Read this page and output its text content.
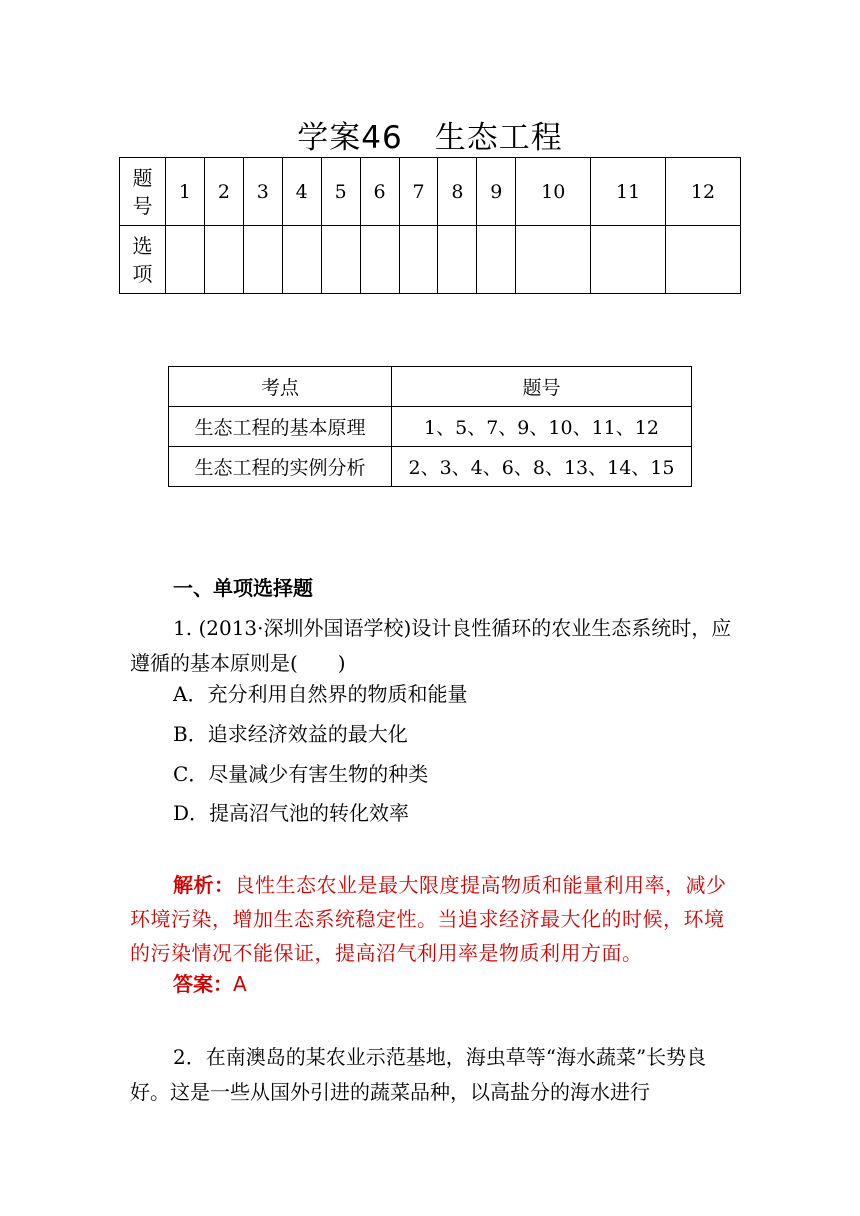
学案46　生态工程
题
号	1	2	3	4	5	6	7	8	9	10	11	12
选
项												
考点	题号
生态工程的基本原理	1、5、7、9、10、11、12
生态工程的实例分析	2、3、4、6、8、13、14、15
一、单项选择题
1. (2013·深圳外国语学校)设计良性循环的农业生态系统时，应遵循的基本原则是(　　)
A．充分利用自然界的物质和能量
B．追求经济效益的最大化
C．尽量减少有害生物的种类
D．提高沼气池的转化效率
解析：良性生态农业是最大限度提高物质和能量利用率，减少环境污染，增加生态系统稳定性。当追求经济最大化的时候，环境的污染情况不能保证，提高沼气利用率是物质利用方面。
答案：A
2．在南澳岛的某农业示范基地，海虫草等“海水蔬菜”长势良好。这是一些从国外引进的蔬菜品种，以高盐分的海水进行
